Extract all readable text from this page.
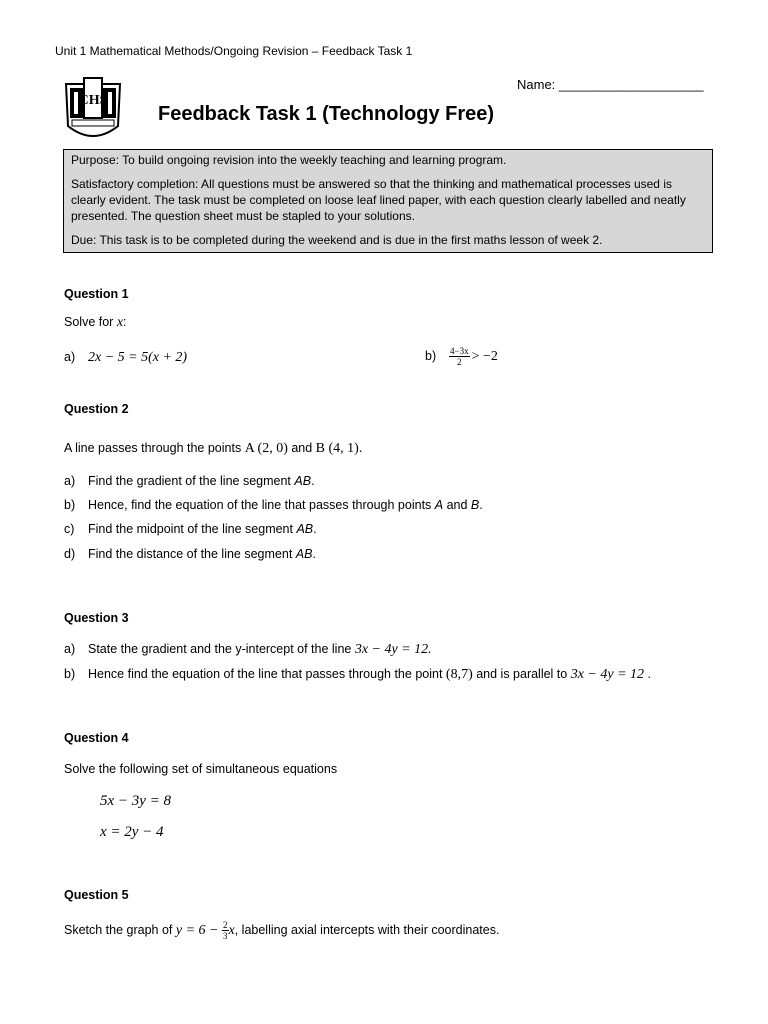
Unit 1 Mathematical Methods/Ongoing Revision – Feedback Task 1
Name: ____________________
CHS
Feedback Task 1 (Technology Free)

Purpose: To build ongoing revision into the weekly teaching and learning program.

Satisfactory completion: All questions must be answered so that the thinking and mathematical processes used is clearly evident. The task must be completed on loose leaf lined paper, with each question clearly labelled and neatly presented. The question sheet must be stapled to your solutions.

Due: This task is to be completed during the weekend and is due in the first maths lesson of week 2.

Question 1
Solve for x:
a) 2x − 5 = 5(x + 2)	$b) \frac{4-3x}{2} > -2$
Question 2
A line passes through the points A (2, 0) and B (4, 1).
a) Find the gradient of the line segment AB.
b) Hence, find the equation of the line that passes through points A and B.
c) Find the midpoint of the line segment AB.
d) Find the distance of the line segment AB.
Question 3
a) State the gradient and the y-intercept of the line 3x − 4y = 12.
b) Hence find the equation of the line that passes through the point (8,7) and is parallel to 3x − 4y = 12 .
Question 4
Solve the following set of simultaneous equations
5x − 3y = 8
x = 2y − 4
Question 5
Sketch the graph of $y = 6 - \frac{2}{3} x$, labelling axial intercepts with their coordinates.
